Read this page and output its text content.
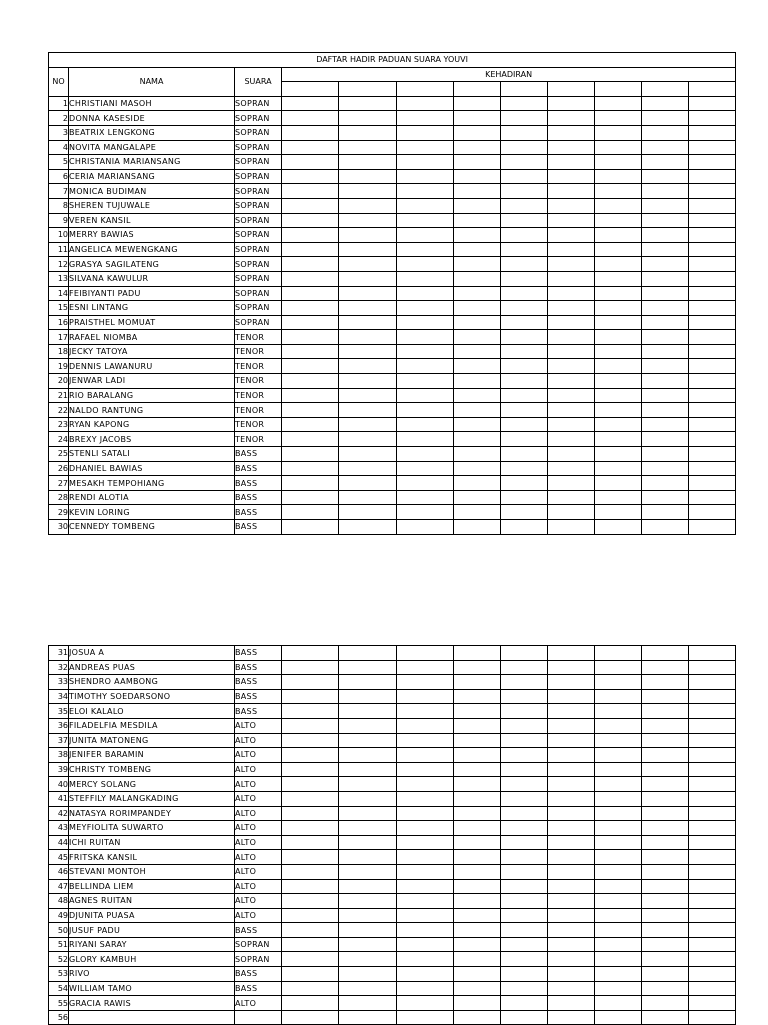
DAFTAR HADIR PADUAN SUARA YOUVI											
NO	NAMA	SUARA	KEHADIRAN								

1	CHRISTIANI MASOH	SOPRAN									
2	DONNA KASESIDE	SOPRAN									
3	BEATRIX LENGKONG	SOPRAN									
4	NOVITA MANGALAPE	SOPRAN									
5	CHRISTANIA MARIANSANG	SOPRAN									
6	CERIA MARIANSANG	SOPRAN									
7	MONICA BUDIMAN	SOPRAN									
8	SHEREN TUJUWALE	SOPRAN									
9	VEREN KANSIL	SOPRAN									
10	MERRY BAWIAS	SOPRAN									
11	ANGELICA MEWENGKANG	SOPRAN									
12	GRASYA SAGILATENG	SOPRAN									
13	SILVANA KAWULUR	SOPRAN									
14	FEIBIYANTI PADU	SOPRAN									
15	ESNI LINTANG	SOPRAN									
16	PRAISTHEL MOMUAT	SOPRAN									
17	RAFAEL NIOMBA	TENOR									
18	JECKY TATOYA	TENOR									
19	DENNIS LAWANURU	TENOR									
20	JENWAR LADI	TENOR									
21	RIO BARALANG	TENOR									
22	NALDO RANTUNG	TENOR									
23	RYAN KAPONG	TENOR									
24	BREXY JACOBS	TENOR									
25	STENLI SATALI	BASS									
26	DHANIEL BAWIAS	BASS									
27	MESAKH TEMPOHIANG	BASS									
28	RENDI ALOTIA	BASS									
29	KEVIN LORING	BASS									
30	CENNEDY TOMBENG	BASS									
31	JOSUA A	BASS									
32	ANDREAS PUAS	BASS									
33	SHENDRO AAMBONG	BASS									
34	TIMOTHY SOEDARSONO	BASS									
35	ELOI KALALO	BASS									
36	FILADELFIA MESDILA	ALTO									
37	JUNITA MATONENG	ALTO									
38	JENIFER BARAMIN	ALTO									
39	CHRISTY TOMBENG	ALTO									
40	MERCY SOLANG	ALTO									
41	STEFFILY MALANGKADING	ALTO									
42	NATASYA RORIMPANDEY	ALTO									
43	MEYFIOLITA SUWARTO	ALTO									
44	ICHI RUITAN	ALTO									
45	FRITSKA KANSIL	ALTO									
46	STEVANI MONTOH	ALTO									
47	BELLINDA LIEM	ALTO									
48	AGNES RUITAN	ALTO									
49	DJUNITA PUASA	ALTO									
50	JUSUF PADU	BASS									
51	RIYANI SARAY	SOPRAN									
52	GLORY KAMBUH	SOPRAN									
53	RIVO	BASS									
54	WILLIAM TAMO	BASS									
55	GRACIA RAWIS	ALTO									
56											
